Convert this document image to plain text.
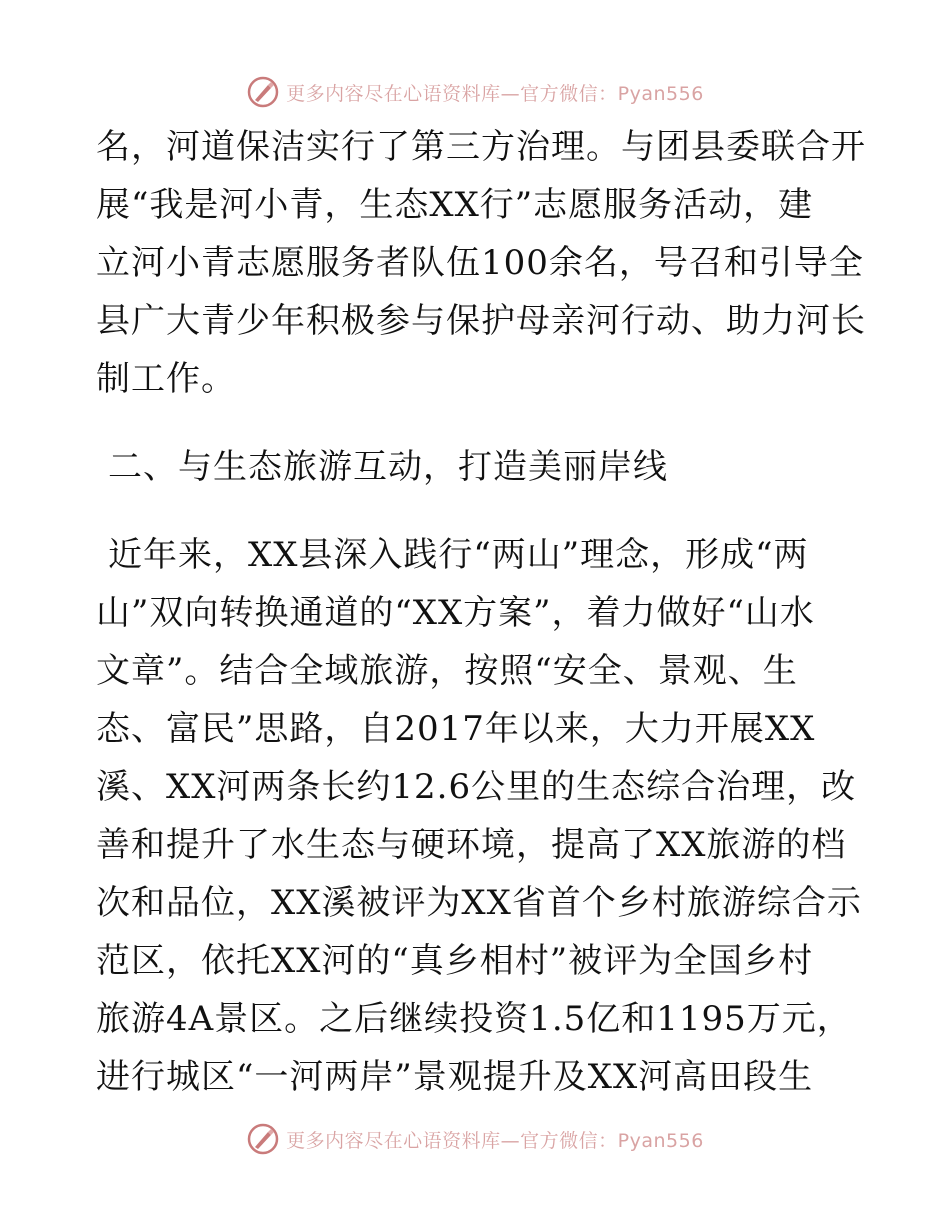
更多内容尽在心语资料库—官方微信：Pyan556
名，河道保洁实行了第三方治理。与团县委联合开
展“我是河小青，生态XX行”志愿服务活动，建
立河小青志愿服务者队伍100余名，号召和引导全
县广大青少年积极参与保护母亲河行动、助力河长
制工作。
二、与生态旅游互动，打造美丽岸线
近年来，XX县深入践行“两山”理念，形成“两
山”双向转换通道的“XX方案”，着力做好“山水
文章”。结合全域旅游，按照“安全、景观、生
态、富民”思路，自2017年以来，大力开展XX
溪、XX河两条长约12.6公里的生态综合治理，改
善和提升了水生态与硬环境，提高了XX旅游的档
次和品位，XX溪被评为XX省首个乡村旅游综合示
范区，依托XX河的“真乡相村”被评为全国乡村
旅游4A景区。之后继续投资1.5亿和1195万元，
进行城区“一河两岸”景观提升及XX河高田段生
更多内容尽在心语资料库—官方微信：Pyan556
